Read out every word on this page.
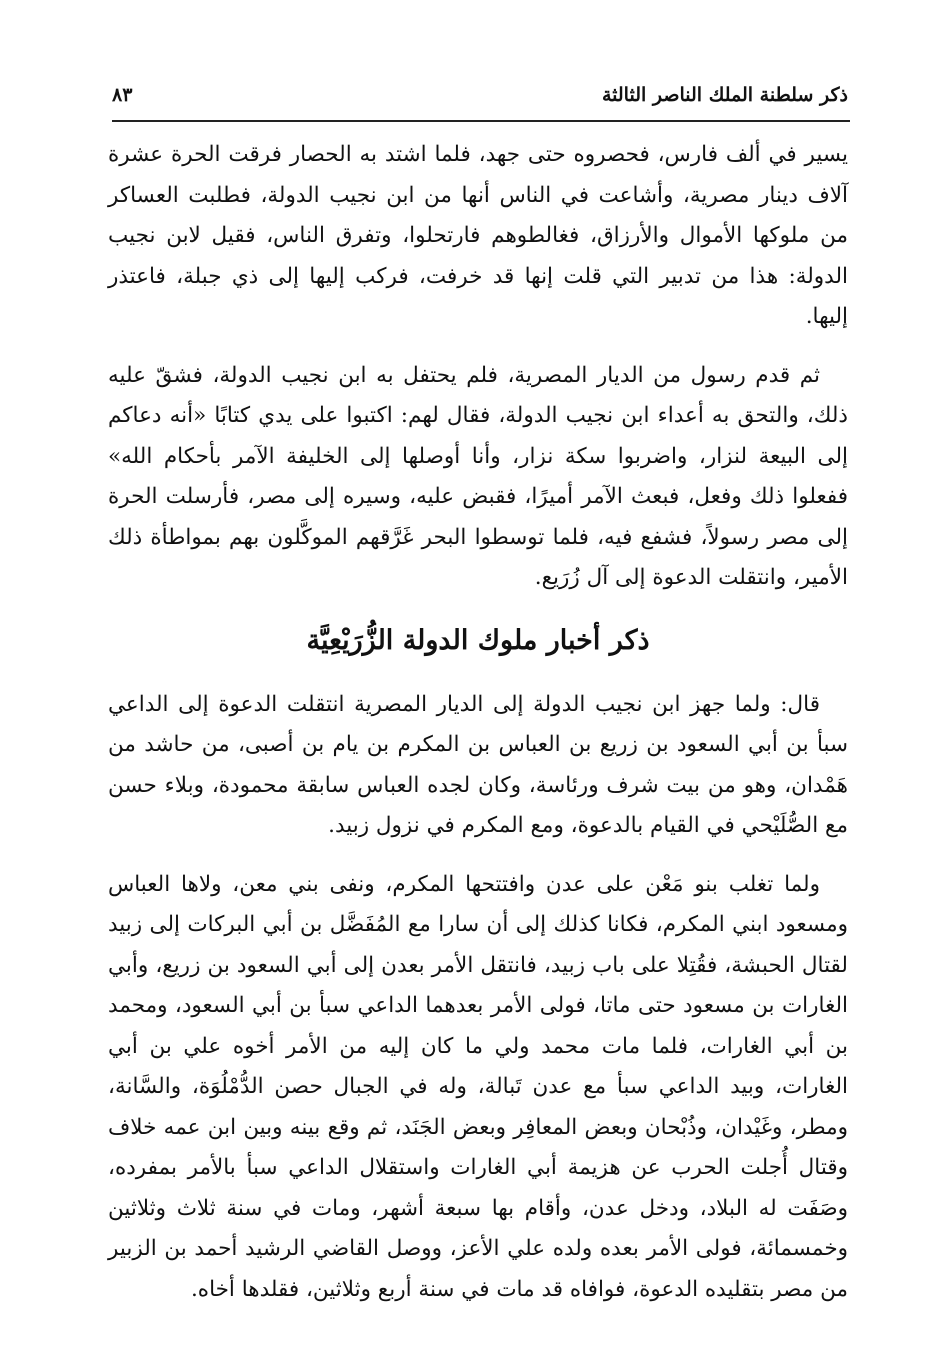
ذكر سلطنة الملك الناصر الثالثة
٨٣

يسير في ألف فارس، فحصروه حتى جهد، فلما اشتد به الحصار فرقت الحرة عشرة آلاف دينار مصرية، وأشاعت في الناس أنها من ابن نجيب الدولة، فطلبت العساكر من ملوكها الأموال والأرزاق، فغالطوهم فارتحلوا، وتفرق الناس، فقيل لابن نجيب الدولة: هذا من تدبير التي قلت إنها قد خرفت، فركب إليها إلى ذي جبلة، فاعتذر إليها.

ثم قدم رسول من الديار المصرية، فلم يحتفل به ابن نجيب الدولة، فشقّ عليه ذلك، والتحق به أعداء ابن نجيب الدولة، فقال لهم: اكتبوا على يدي كتابًا «أنه دعاكم إلى البيعة لنزار، واضربوا سكة نزار، وأنا أوصلها إلى الخليفة الآمر بأحكام الله» ففعلوا ذلك وفعل، فبعث الآمر أميرًا، فقبض عليه، وسيره إلى مصر، فأرسلت الحرة إلى مصر رسولاً، فشفع فيه، فلما توسطوا البحر غَرَّقهم الموكَّلون بهم بمواطأة ذلك الأمير، وانتقلت الدعوة إلى آل زُرَيع.

ذكر أخبار ملوك الدولة الزُّرَيْعِيَّة

قال: ولما جهز ابن نجيب الدولة إلى الديار المصرية انتقلت الدعوة إلى الداعي سبأ بن أبي السعود بن زريع بن العباس بن المكرم بن يام بن أصبى، من حاشد من هَمْدان، وهو من بيت شرف ورئاسة، وكان لجده العباس سابقة محمودة، وبلاء حسن مع الصُّلَيْحي في القيام بالدعوة، ومع المكرم في نزول زبيد.

ولما تغلب بنو مَعْن على عدن وافتتحها المكرم، ونفى بني معن، ولاها العباس ومسعود ابني المكرم، فكانا كذلك إلى أن سارا مع المُفَضَّل بن أبي البركات إلى زبيد لقتال الحبشة، فقُتِلا على باب زبيد، فانتقل الأمر بعدن إلى أبي السعود بن زريع، وأبي الغارات بن مسعود حتى ماتا، فولى الأمر بعدهما الداعي سبأ بن أبي السعود، ومحمد بن أبي الغارات، فلما مات محمد ولي ما كان إليه من الأمر أخوه علي بن أبي الغارات، وبيد الداعي سبأ مع عدن تَبالة، وله في الجبال حصن الدُّمْلُوَة، والسَّانة، ومطر، وغَيْدان، وذُبْحان وبعض المعافِر وبعض الجَنَد، ثم وقع بينه وبين ابن عمه خلاف وقتال أُجلت الحرب عن هزيمة أبي الغارات واستقلال الداعي سبأ بالأمر بمفرده، وصَفَت له البلاد، ودخل عدن، وأقام بها سبعة أشهر، ومات في سنة ثلاث وثلاثين وخمسمائة، فولى الأمر بعده ولده علي الأعز، ووصل القاضي الرشيد أحمد بن الزبير من مصر بتقليده الدعوة، فوافاه قد مات في سنة أربع وثلاثين، فقلدها أخاه.
